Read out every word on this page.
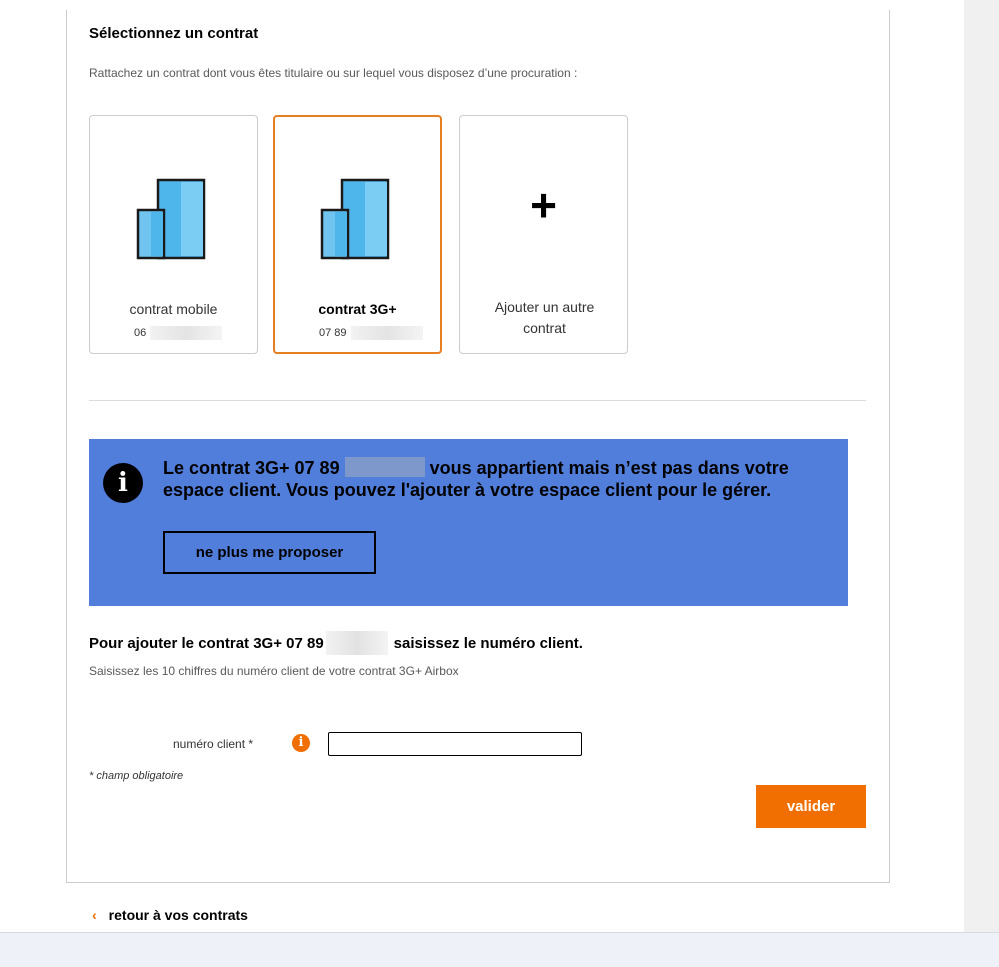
Sélectionnez un contrat

Rattachez un contrat dont vous êtes titulaire ou sur lequel vous disposez d’une procuration :

contrat mobile
06
contrat 3G+
07 89
+
Ajouter un autre contrat
i	Le contrat 3G+ 07 89	vous appartient mais n’est pas dans votre espace client. Vous pouvez l'ajouter à votre espace client pour le gérer.
ne plus me proposer
Pour ajouter le contrat 3G+ 07 89	saisissez le numéro client.

Saisissez les 10 chiffres du numéro client de votre contrat 3G+ Airbox

numéro client *	i

* champ obligatoire

valider
‹ retour à vos contrats
